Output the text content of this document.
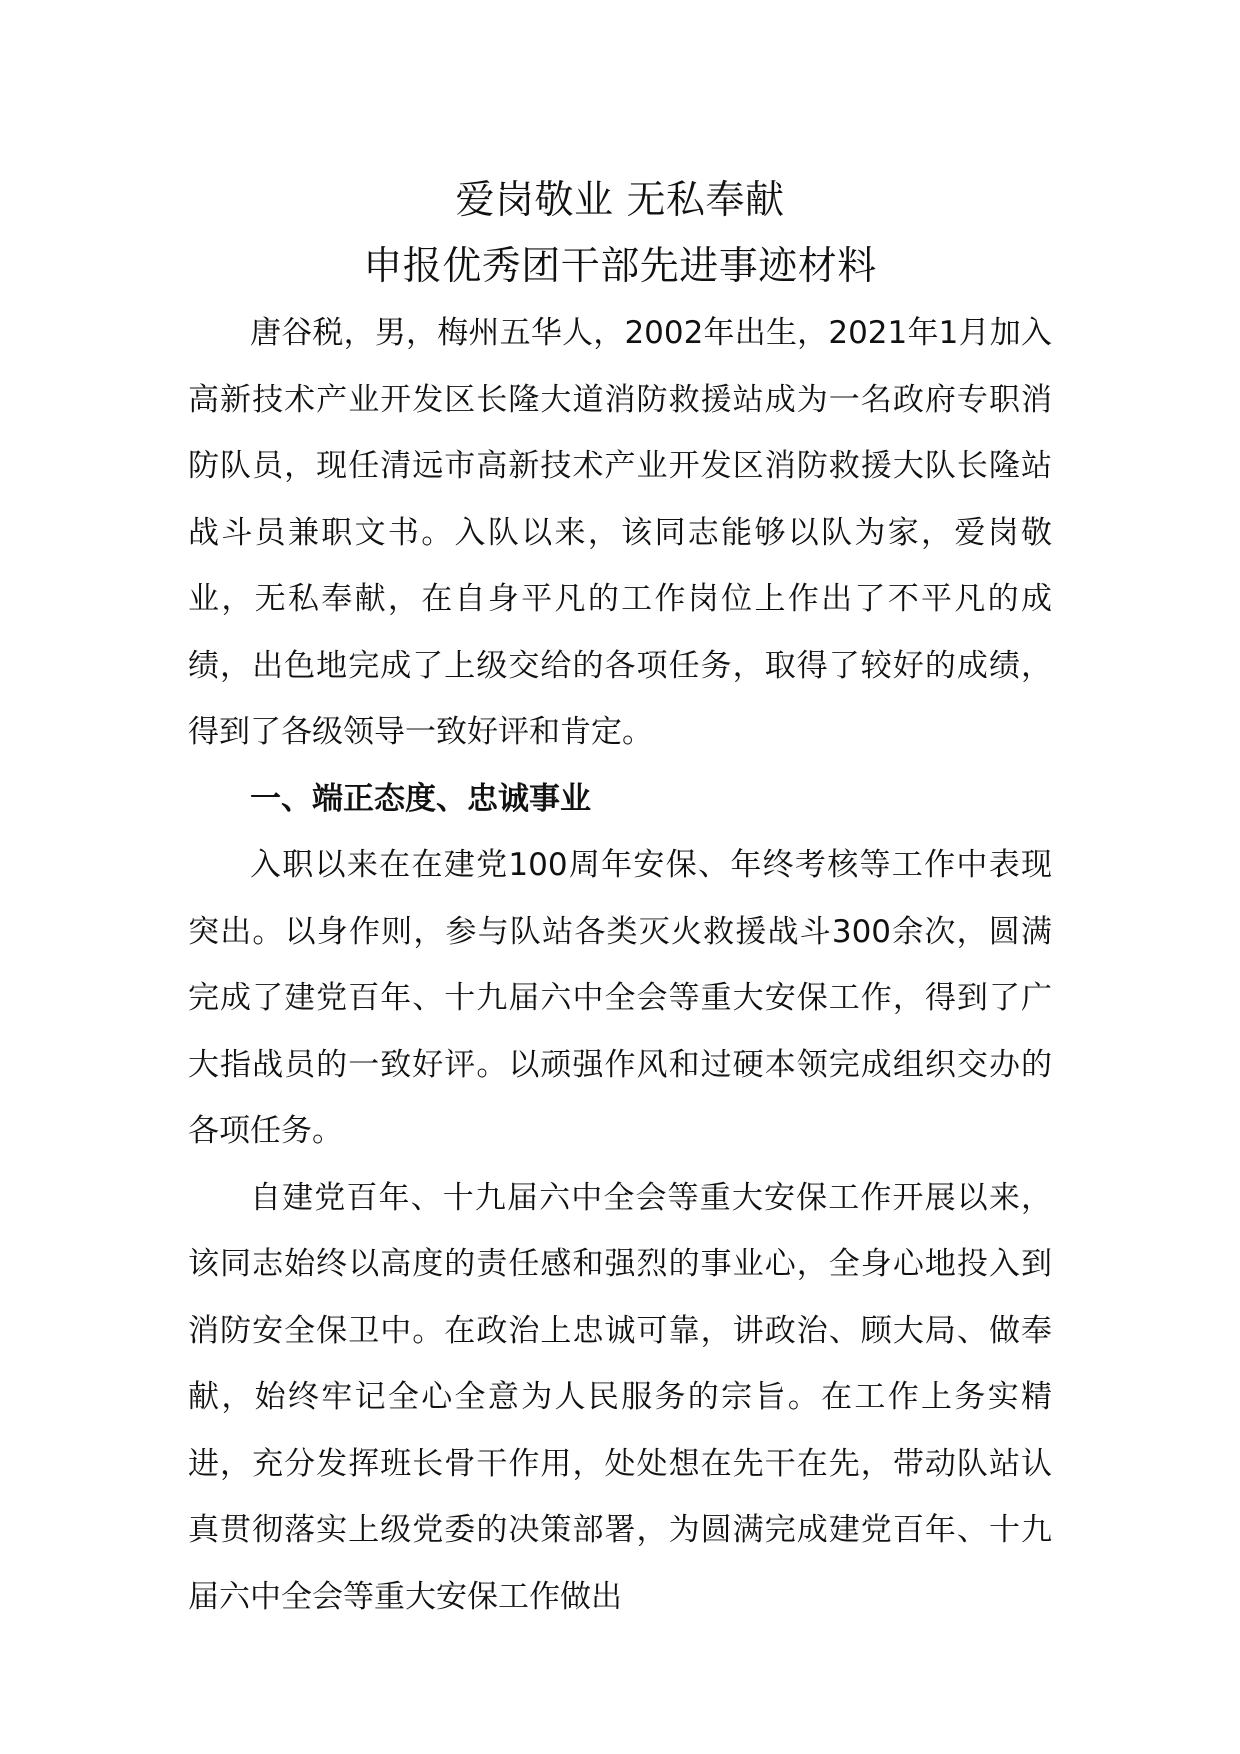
爱岗敬业 无私奉献
申报优秀团干部先进事迹材料

唐谷税，男，梅州五华人，2002年出生，2021年1月加入高新技术产业开发区长隆大道消防救援站成为一名政府专职消防队员，现任清远市高新技术产业开发区消防救援大队长隆站战斗员兼职文书。入队以来，该同志能够以队为家，爱岗敬业，无私奉献，在自身平凡的工作岗位上作出了不平凡的成绩，出色地完成了上级交给的各项任务，取得了较好的成绩，得到了各级领导一致好评和肯定。

一、端正态度、忠诚事业

入职以来在在建党100周年安保、年终考核等工作中表现突出。以身作则，参与队站各类灭火救援战斗300余次，圆满完成了建党百年、十九届六中全会等重大安保工作，得到了广大指战员的一致好评。以顽强作风和过硬本领完成组织交办的各项任务。

自建党百年、十九届六中全会等重大安保工作开展以来，该同志始终以高度的责任感和强烈的事业心，全身心地投入到消防安全保卫中。在政治上忠诚可靠，讲政治、顾大局、做奉献，始终牢记全心全意为人民服务的宗旨。在工作上务实精进，充分发挥班长骨干作用，处处想在先干在先，带动队站认真贯彻落实上级党委的决策部署，为圆满完成建党百年、十九届六中全会等重大安保工作做出
